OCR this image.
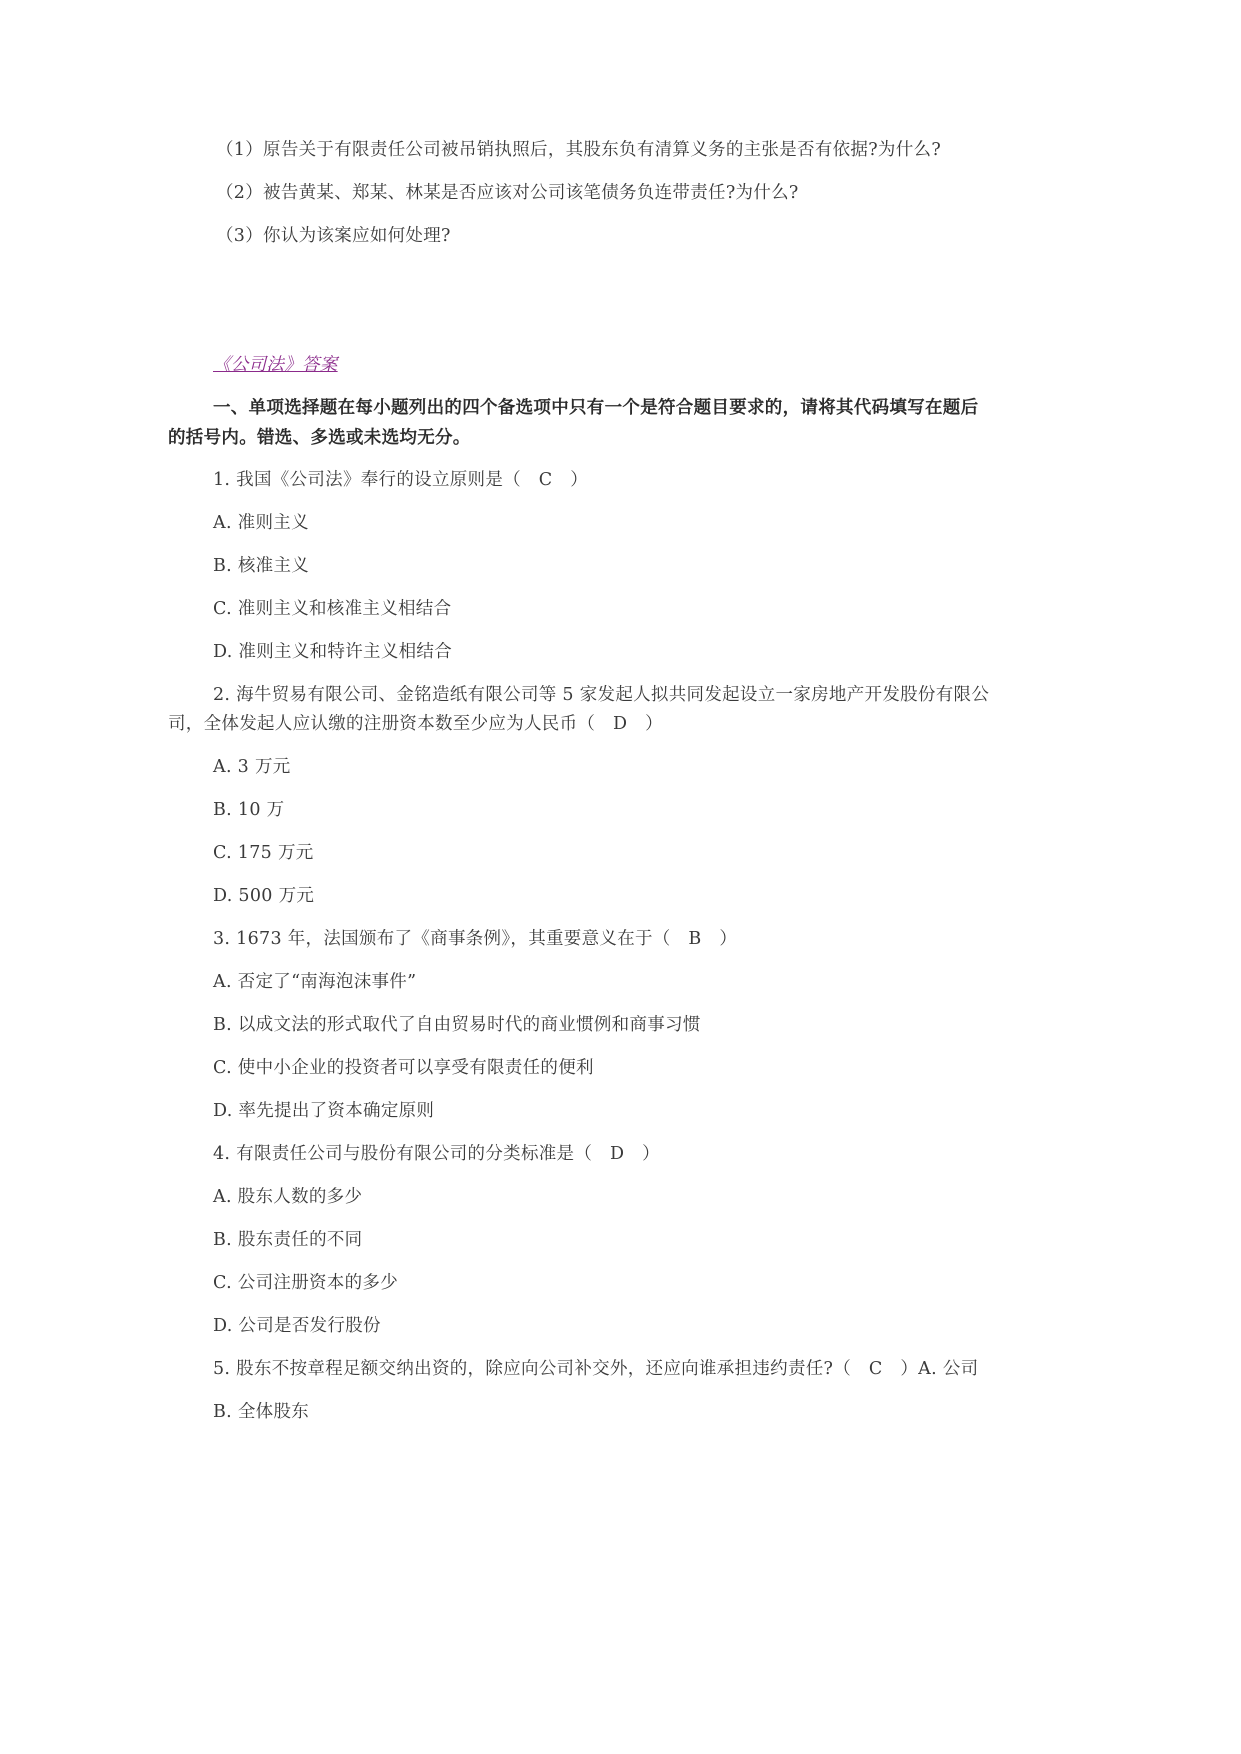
（1）原告关于有限责任公司被吊销执照后，其股东负有清算义务的主张是否有依据?为什么?
（2）被告黄某、郑某、林某是否应该对公司该笔债务负连带责任?为什么?
（3）你认为该案应如何处理?
《公司法》答案
一、单项选择题在每小题列出的四个备选项中只有一个是符合题目要求的，请将其代码填写在题后
的括号内。错选、多选或未选均无分。
1. 我国《公司法》奉行的设立原则是（　C　）
A. 准则主义
B. 核准主义
C. 准则主义和核准主义相结合
D. 准则主义和特许主义相结合
2. 海牛贸易有限公司、金铭造纸有限公司等 5 家发起人拟共同发起设立一家房地产开发股份有限公
司，全体发起人应认缴的注册资本数至少应为人民币（　D　）
A. 3 万元
B. 10 万
C. 175 万元
D. 500 万元
3. 1673 年，法国颁布了《商事条例》，其重要意义在于（　B　）
A. 否定了“南海泡沫事件”
B. 以成文法的形式取代了自由贸易时代的商业惯例和商事习惯
C. 使中小企业的投资者可以享受有限责任的便利
D. 率先提出了资本确定原则
4. 有限责任公司与股份有限公司的分类标准是（　D　）
A. 股东人数的多少
B. 股东责任的不同
C. 公司注册资本的多少
D. 公司是否发行股份
5. 股东不按章程足额交纳出资的，除应向公司补交外，还应向谁承担违约责任?（　C　）A. 公司
B. 全体股东
